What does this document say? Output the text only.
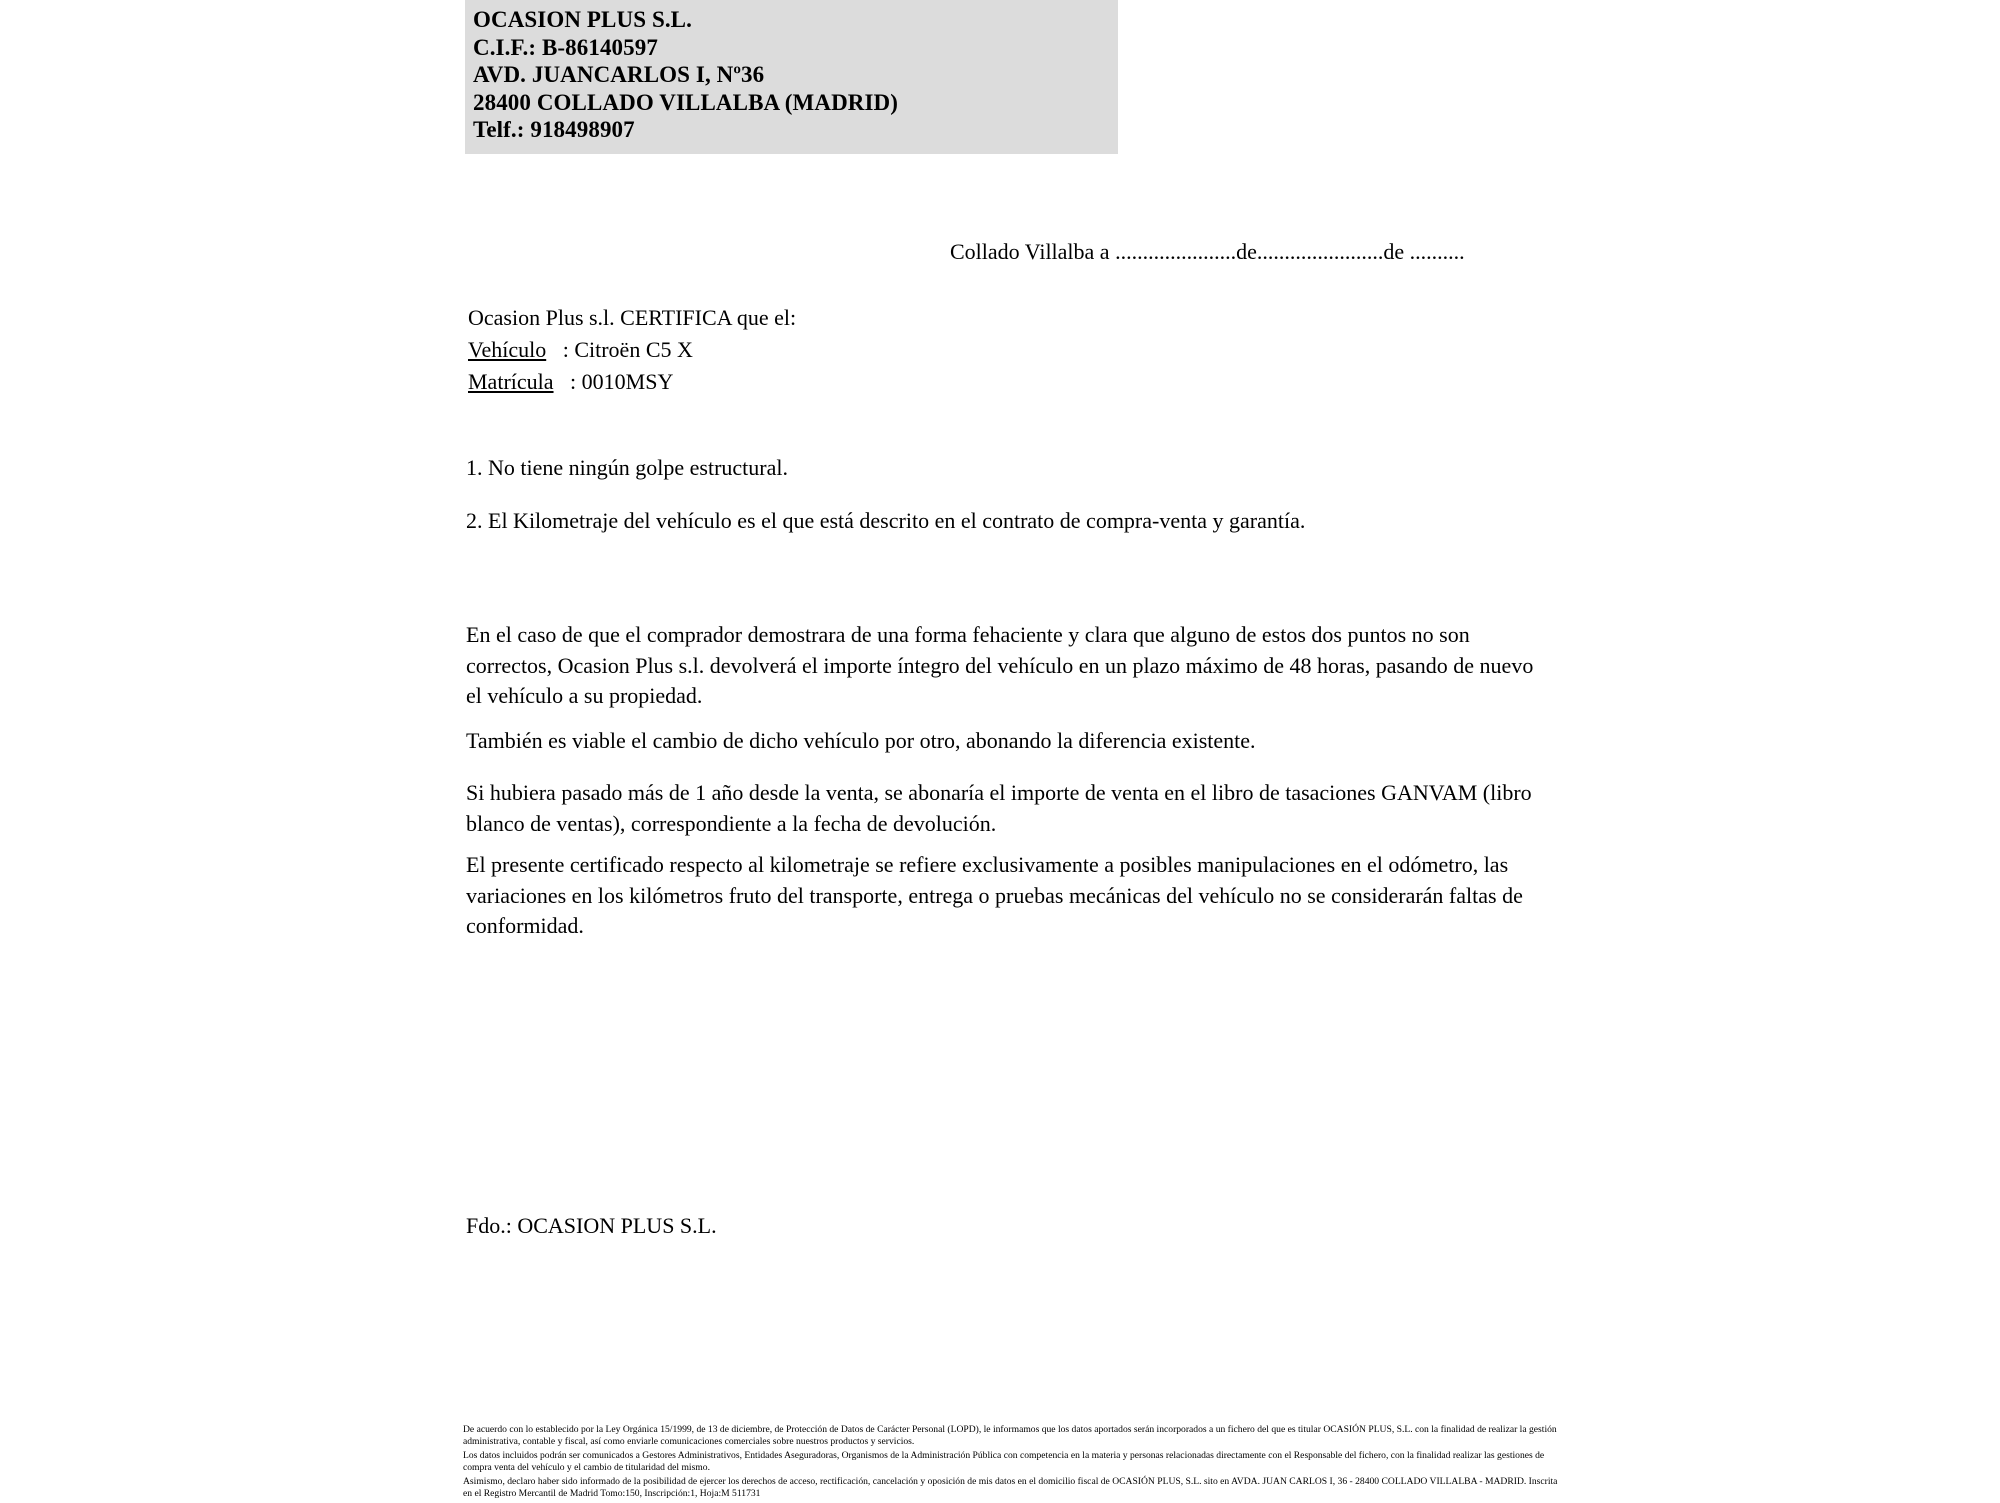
OCASION PLUS S.L.
C.I.F.: B-86140597
AVD. JUANCARLOS I, Nº36
28400 COLLADO VILLALBA (MADRID)
Telf.: 918498907
Collado Villalba a ......................de.......................de ..........
Ocasion Plus s.l. CERTIFICA que el:
Vehículo   : Citroën C5 X
Matrícula   : 0010MSY
1. No tiene ningún golpe estructural.
2. El Kilometraje del vehículo es el que está descrito en el contrato de compra-venta y garantía.
En el caso de que el comprador demostrara de una forma fehaciente y clara que alguno de estos dos puntos no son correctos, Ocasion Plus s.l. devolverá el importe íntegro del vehículo en un plazo máximo de 48 horas, pasando de nuevo el vehículo a su propiedad.
También es viable el cambio de dicho vehículo por otro, abonando la diferencia existente.
Si hubiera pasado más de 1 año desde la venta, se abonaría el importe de venta en el libro de tasaciones GANVAM (libro blanco de ventas), correspondiente a la fecha de devolución.
El presente certificado respecto al kilometraje se refiere exclusivamente a posibles manipulaciones en el odómetro, las variaciones en los kilómetros fruto del transporte, entrega o pruebas mecánicas del vehículo no se considerarán faltas de conformidad.
Fdo.: OCASION PLUS S.L.

De acuerdo con lo establecido por la Ley Orgánica 15/1999, de 13 de diciembre, de Protección de Datos de Carácter Personal (LOPD), le informamos que los datos aportados serán incorporados a un fichero del que es titular OCASIÓN PLUS, S.L. con la finalidad de realizar la gestión administrativa, contable y fiscal, así como enviarle comunicaciones comerciales sobre nuestros productos y servicios.

Los datos incluidos podrán ser comunicados a Gestores Administrativos, Entidades Aseguradoras, Organismos de la Administración Pública con competencia en la materia y personas relacionadas directamente con el Responsable del fichero, con la finalidad realizar las gestiones de compra venta del vehículo y el cambio de titularidad del mismo.

Asimismo, declaro haber sido informado de la posibilidad de ejercer los derechos de acceso, rectificación, cancelación y oposición de mis datos en el domicilio fiscal de OCASIÓN PLUS, S.L. sito en AVDA. JUAN CARLOS I, 36 - 28400 COLLADO VILLALBA - MADRID. Inscrita en el Registro Mercantil de Madrid Tomo:150, Inscripción:1, Hoja:M 511731
